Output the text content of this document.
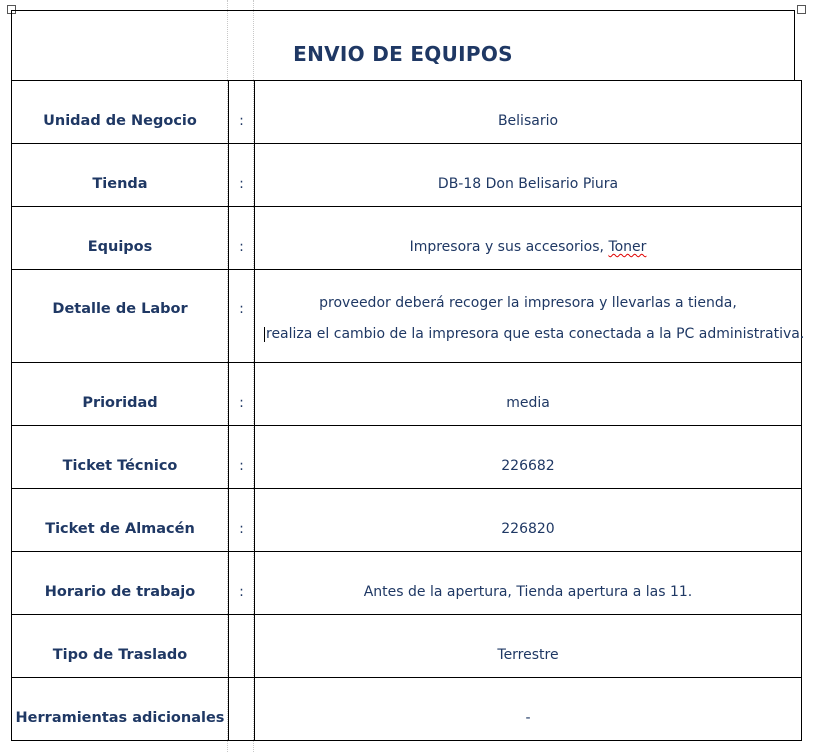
ENVIO DE EQUIPOS
Unidad de Negocio	:	Belisario
Tienda	:	DB-18 Don Belisario Piura
Equipos	:	Impresora y sus accesorios, Toner
Detalle de Labor	:	proveedor deberá recoger la impresora y llevarlas a tienda,
realiza el cambio de la impresora que esta conectada a la PC administrativa.

Prioridad	:	media
Ticket Técnico	:	226682
Ticket de Almacén	:	226820
Horario de trabajo	:	Antes de la apertura, Tienda apertura a las 11.
Tipo de Traslado		Terrestre
Herramientas adicionales		-
